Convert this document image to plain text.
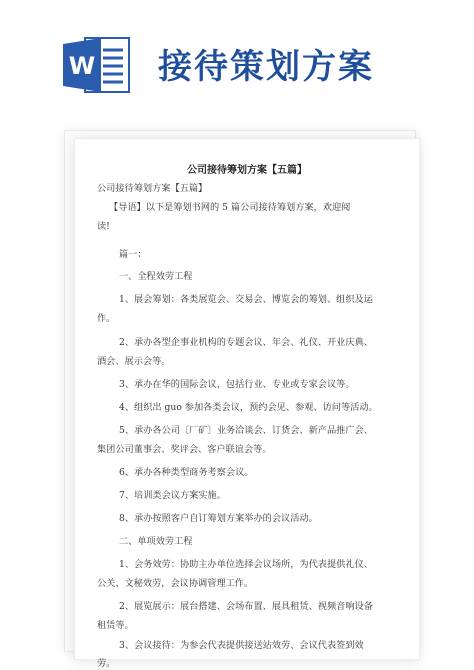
W 接待策划方案
公司接待筹划方案【五篇】
公司接待筹划方案【五篇】
【导语】以下是筹划书网的 5 篇公司接待筹划方案，欢迎阅
读!
篇一：
一、全程效劳工程
1、展会筹划：各类展览会、交易会、博览会的筹划、组织及运
作。
2、承办各型企事业机构的专题会议、年会、礼仪、开业庆典、
酒会、展示会等。
3、承办在华的国际会议，包括行业、专业或专家会议等。
4、组织出 guo 参加各类会议，预约会见、参观、访问等活动。
5、承办各公司〔厂矿〕业务洽谈会、订货会、新产品推广会、
集团公司董事会、奖评会、客户联谊会等。
6、承办各种类型商务考察会议。
7、培训类会议方案实施。
8、承办按照客户自订筹划方案举办的会议活动。
二、单项效劳工程
1、会务效劳：协助主办单位选择会议场所，为代表提供礼仪、
公关、文秘效劳，会议协调管理工作。
2、展览展示：展台搭建、会场布置、展具租赁、视频音响设备
租赁等。
3、会议接待：为参会代表提供接送站效劳、会议代表签到效
劳。
